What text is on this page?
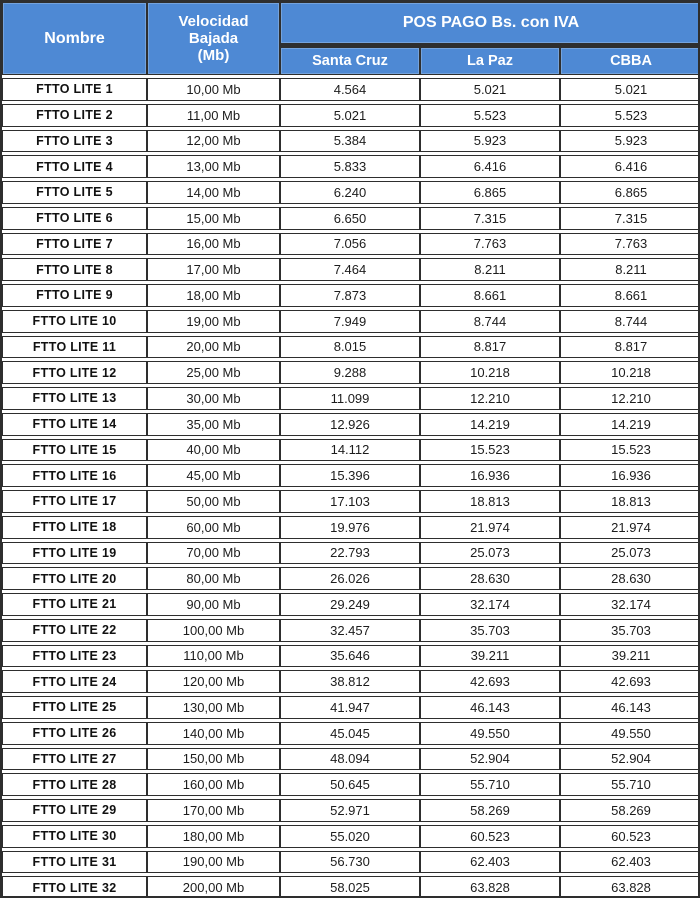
Nombre	Velocidad
Bajada
(Mb)	POS PAGO Bs. con IVA		
		Santa Cruz	La Paz	CBBA
FTTO LITE 1	10,00 Mb	4.564	5.021	5.021
FTTO LITE 2	11,00 Mb	5.021	5.523	5.523
FTTO LITE 3	12,00 Mb	5.384	5.923	5.923
FTTO LITE 4	13,00 Mb	5.833	6.416	6.416
FTTO LITE 5	14,00 Mb	6.240	6.865	6.865
FTTO LITE 6	15,00 Mb	6.650	7.315	7.315
FTTO LITE 7	16,00 Mb	7.056	7.763	7.763
FTTO LITE 8	17,00 Mb	7.464	8.211	8.211
FTTO LITE 9	18,00 Mb	7.873	8.661	8.661
FTTO LITE 10	19,00 Mb	7.949	8.744	8.744
FTTO LITE 11	20,00 Mb	8.015	8.817	8.817
FTTO LITE 12	25,00 Mb	9.288	10.218	10.218
FTTO LITE 13	30,00 Mb	11.099	12.210	12.210
FTTO LITE 14	35,00 Mb	12.926	14.219	14.219
FTTO LITE 15	40,00 Mb	14.112	15.523	15.523
FTTO LITE 16	45,00 Mb	15.396	16.936	16.936
FTTO LITE 17	50,00 Mb	17.103	18.813	18.813
FTTO LITE 18	60,00 Mb	19.976	21.974	21.974
FTTO LITE 19	70,00 Mb	22.793	25.073	25.073
FTTO LITE 20	80,00 Mb	26.026	28.630	28.630
FTTO LITE 21	90,00 Mb	29.249	32.174	32.174
FTTO LITE 22	100,00 Mb	32.457	35.703	35.703
FTTO LITE 23	110,00 Mb	35.646	39.211	39.211
FTTO LITE 24	120,00 Mb	38.812	42.693	42.693
FTTO LITE 25	130,00 Mb	41.947	46.143	46.143
FTTO LITE 26	140,00 Mb	45.045	49.550	49.550
FTTO LITE 27	150,00 Mb	48.094	52.904	52.904
FTTO LITE 28	160,00 Mb	50.645	55.710	55.710
FTTO LITE 29	170,00 Mb	52.971	58.269	58.269
FTTO LITE 30	180,00 Mb	55.020	60.523	60.523
FTTO LITE 31	190,00 Mb	56.730	62.403	62.403
FTTO LITE 32	200,00 Mb	58.025	63.828	63.828
